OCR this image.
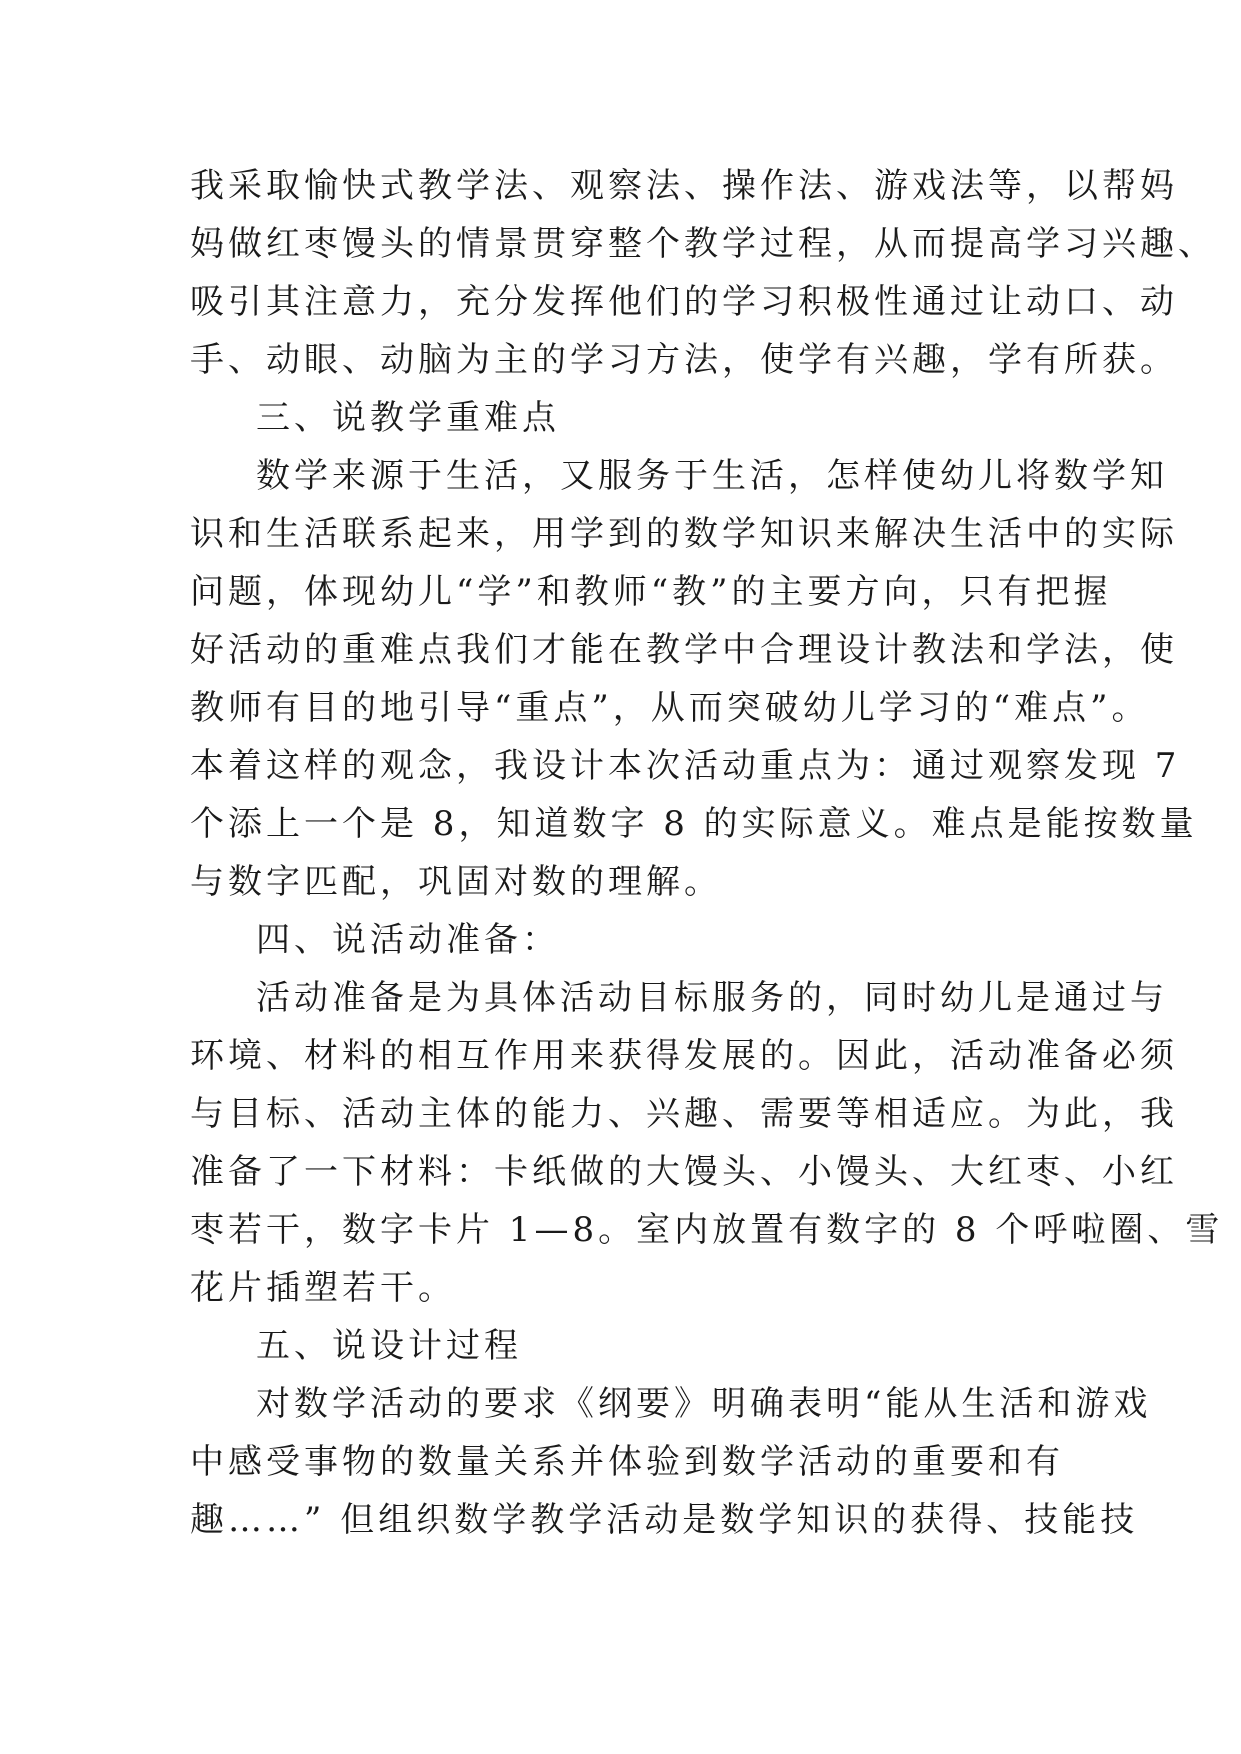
我采取愉快式教学法、观察法、操作法、游戏法等，以帮妈
妈做红枣馒头的情景贯穿整个教学过程，从而提高学习兴趣、
吸引其注意力，充分发挥他们的学习积极性通过让动口、动
手、动眼、动脑为主的学习方法，使学有兴趣，学有所获。
三、说教学重难点
数学来源于生活，又服务于生活，怎样使幼儿将数学知
识和生活联系起来，用学到的数学知识来解决生活中的实际
问题，体现幼儿“学”和教师“教”的主要方向，只有把握
好活动的重难点我们才能在教学中合理设计教法和学法，使
教师有目的地引导“重点”，从而突破幼儿学习的“难点”。
本着这样的观念，我设计本次活动重点为：通过观察发现 7
个添上一个是 8，知道数字 8 的实际意义。难点是能按数量
与数字匹配，巩固对数的理解。
四、说活动准备：
活动准备是为具体活动目标服务的，同时幼儿是通过与
环境、材料的相互作用来获得发展的。因此，活动准备必须
与目标、活动主体的能力、兴趣、需要等相适应。为此，我
准备了一下材料：卡纸做的大馒头、小馒头、大红枣、小红
枣若干，数字卡片 1—8。室内放置有数字的 8 个呼啦圈、雪
花片插塑若干。
五、说设计过程
对数学活动的要求《纲要》明确表明“能从生活和游戏
中感受事物的数量关系并体验到数学活动的重要和有
趣……” 但组织数学教学活动是数学知识的获得、技能技
